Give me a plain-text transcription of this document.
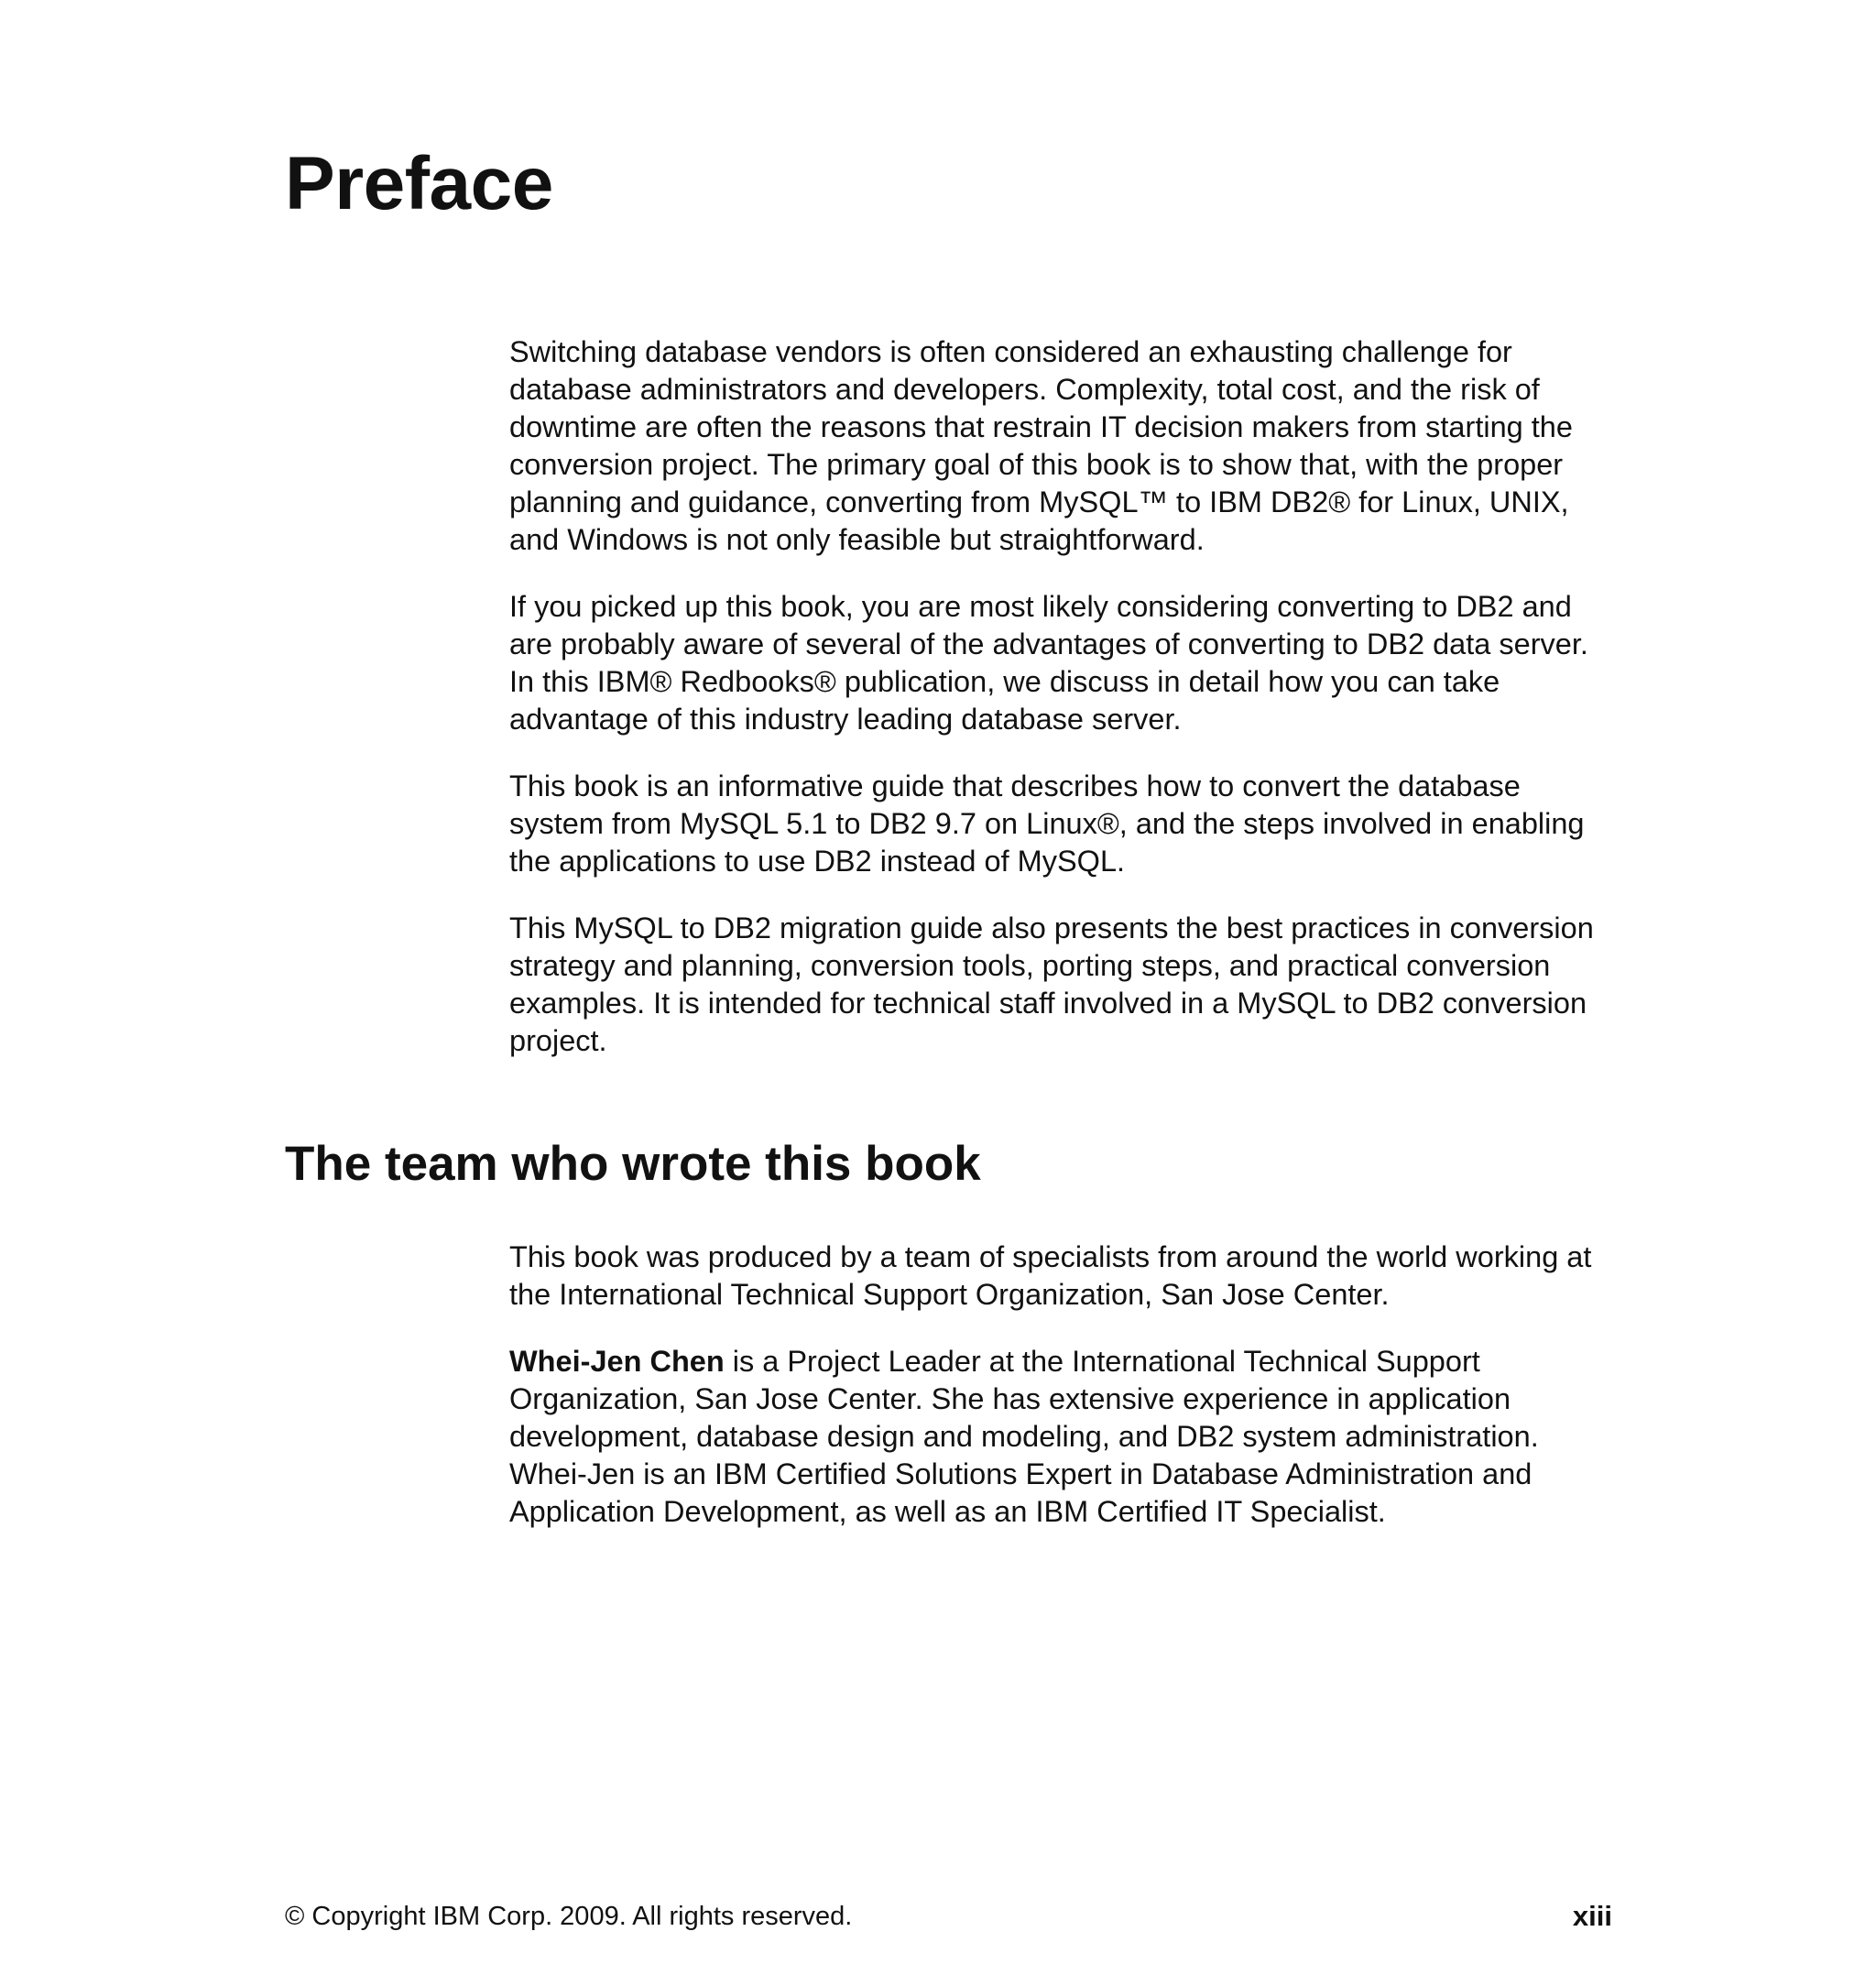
Preface

Switching database vendors is often considered an exhausting challenge for database administrators and developers. Complexity, total cost, and the risk of downtime are often the reasons that restrain IT decision makers from starting the conversion project. The primary goal of this book is to show that, with the proper planning and guidance, converting from MySQL™ to IBM DB2® for Linux, UNIX, and Windows is not only feasible but straightforward.

If you picked up this book, you are most likely considering converting to DB2 and are probably aware of several of the advantages of converting to DB2 data server. In this IBM® Redbooks® publication, we discuss in detail how you can take advantage of this industry leading database server.

This book is an informative guide that describes how to convert the database system from MySQL 5.1 to DB2 9.7 on Linux®, and the steps involved in enabling the applications to use DB2 instead of MySQL.

This MySQL to DB2 migration guide also presents the best practices in conversion strategy and planning, conversion tools, porting steps, and practical conversion examples. It is intended for technical staff involved in a MySQL to DB2 conversion project.

The team who wrote this book

This book was produced by a team of specialists from around the world working at the International Technical Support Organization, San Jose Center.

Whei-Jen Chen is a Project Leader at the International Technical Support Organization, San Jose Center. She has extensive experience in application development, database design and modeling, and DB2 system administration. Whei-Jen is an IBM Certified Solutions Expert in Database Administration and Application Development, as well as an IBM Certified IT Specialist.

© Copyright IBM Corp. 2009. All rights reserved.	xiii
